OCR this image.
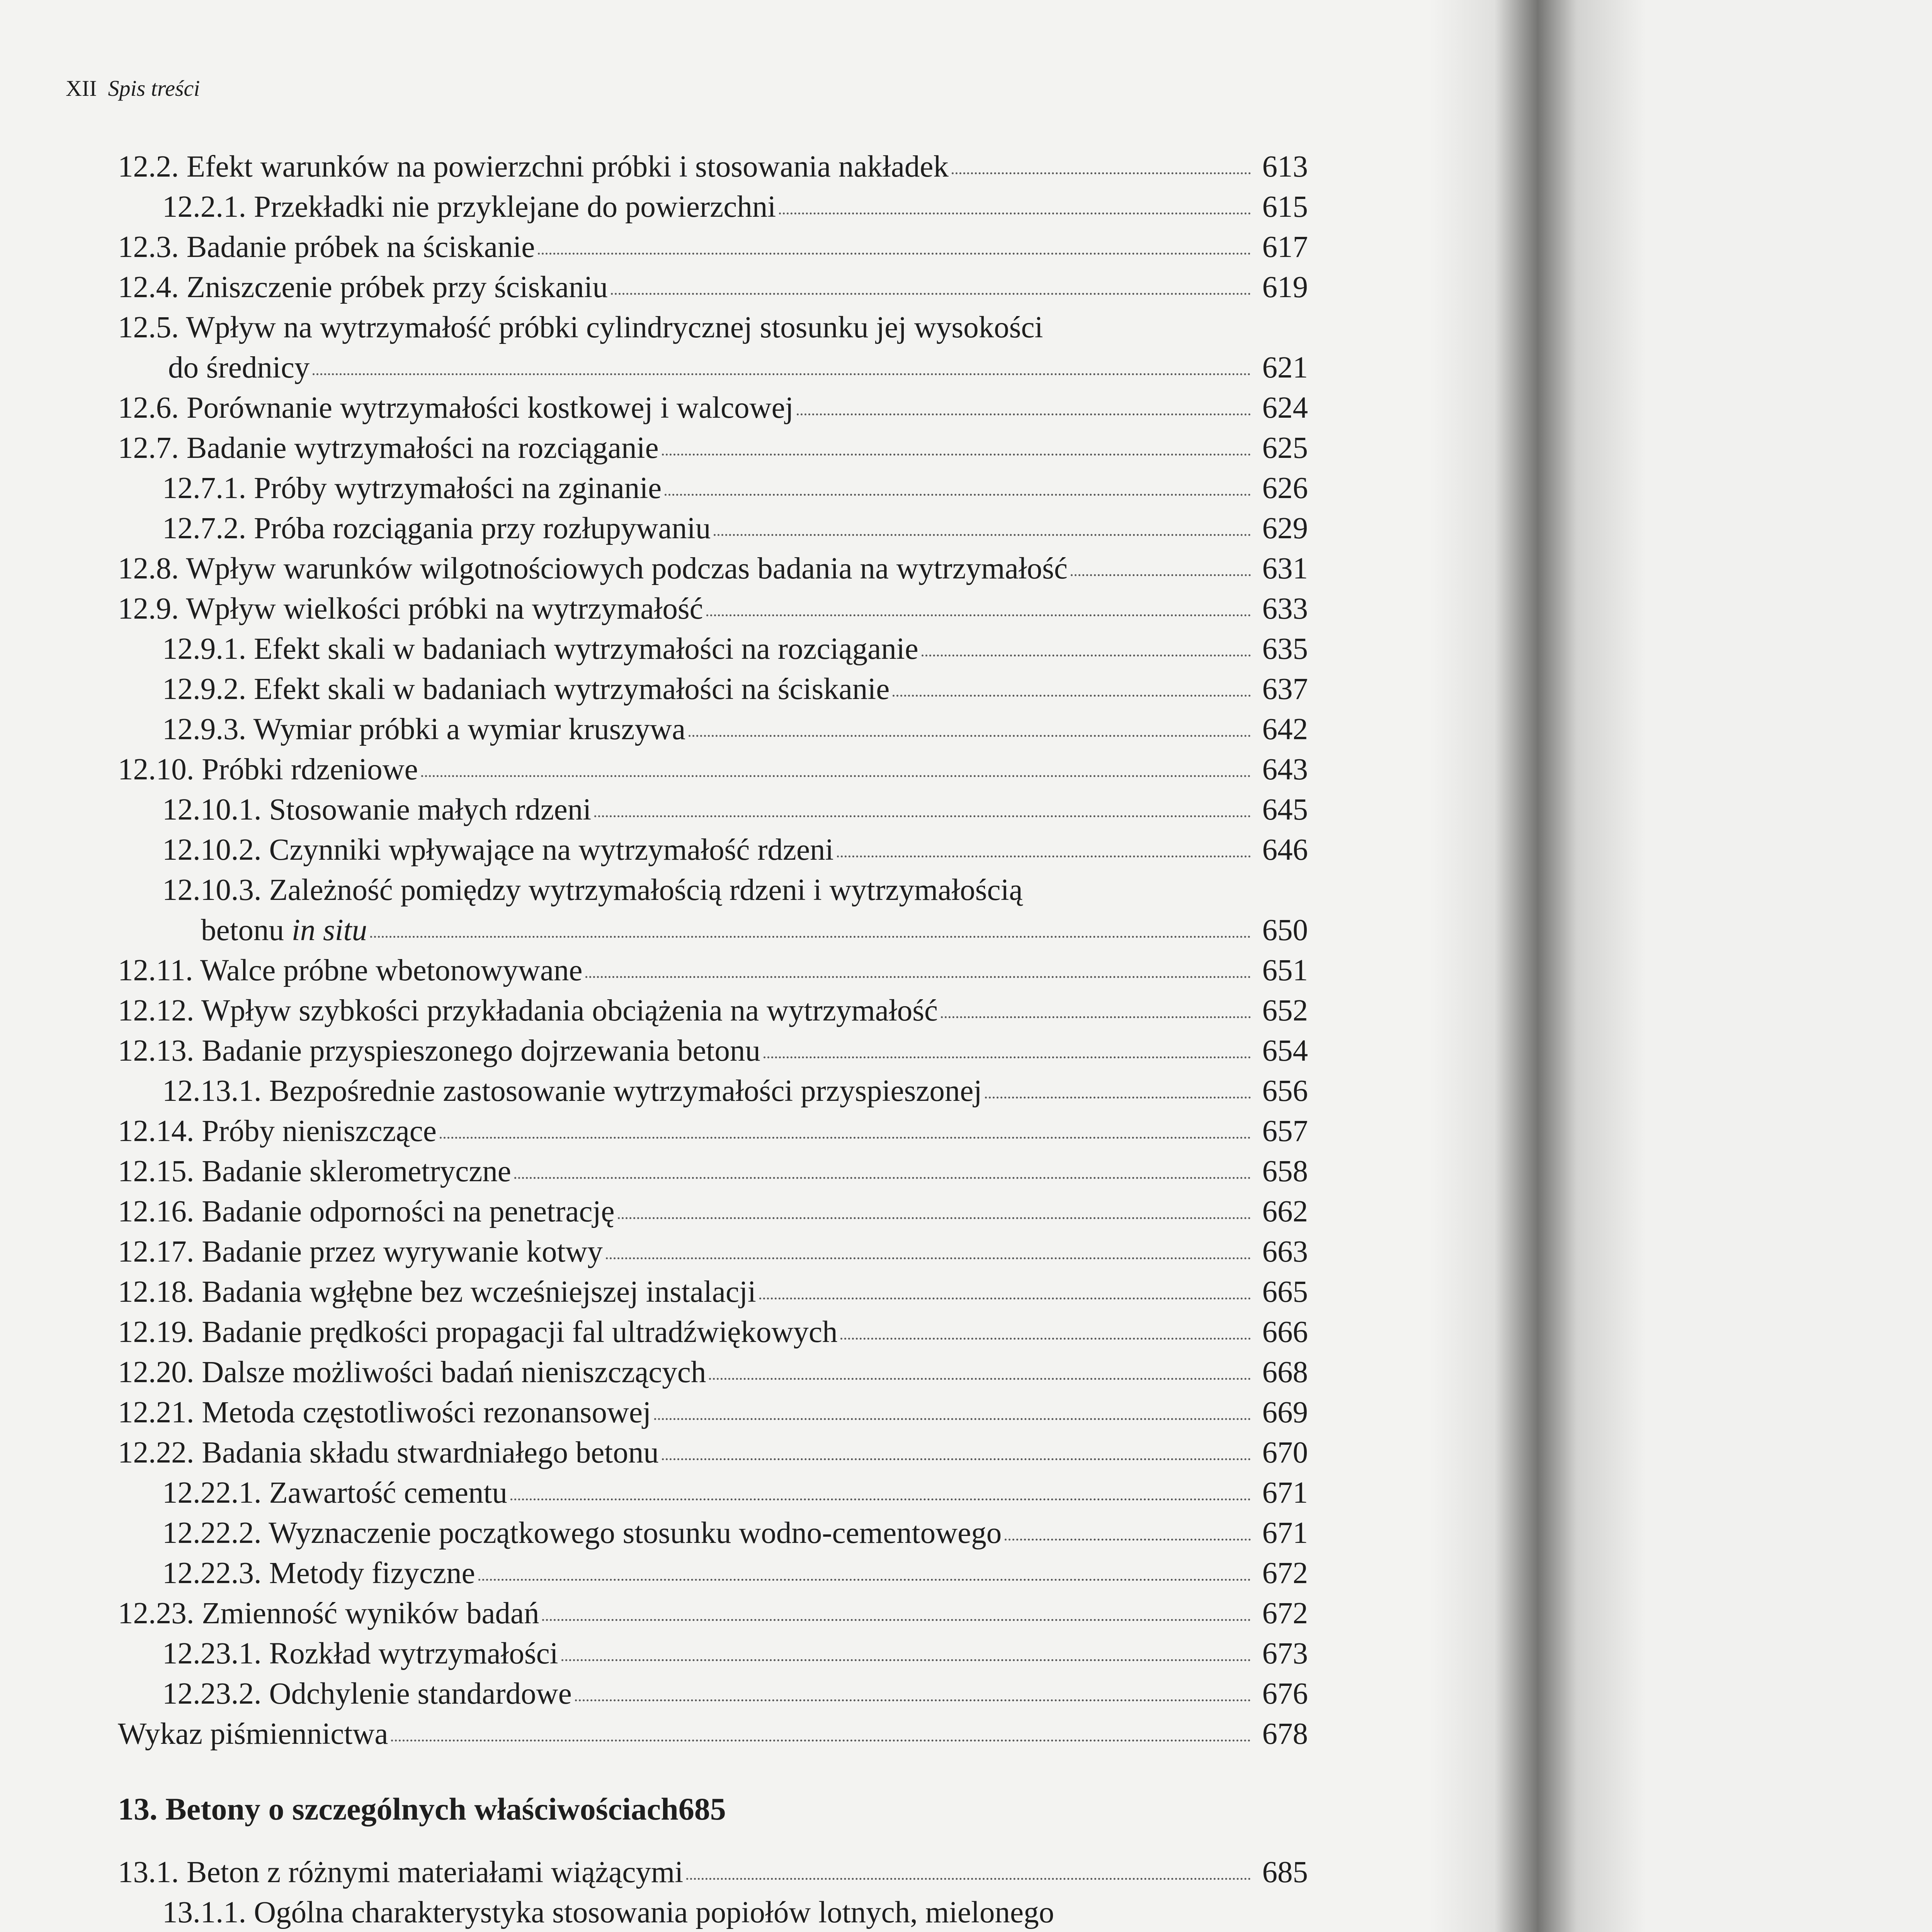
XII Spis treści
12.2. Efekt warunków na powierzchni próbki i stosowania nakładek	613
12.2.1. Przekładki nie przyklejane do powierzchni	615
12.3. Badanie próbek na ściskanie	617
12.4. Zniszczenie próbek przy ściskaniu	619
12.5. Wpływ na wytrzymałość próbki cylindrycznej stosunku jej wysokości
do średnicy	621
12.6. Porównanie wytrzymałości kostkowej i walcowej	624
12.7. Badanie wytrzymałości na rozciąganie	625
12.7.1. Próby wytrzymałości na zginanie	626
12.7.2. Próba rozciągania przy rozłupywaniu	629
12.8. Wpływ warunków wilgotnościowych podczas badania na wytrzymałość	631
12.9. Wpływ wielkości próbki na wytrzymałość	633
12.9.1. Efekt skali w badaniach wytrzymałości na rozciąganie	635
12.9.2. Efekt skali w badaniach wytrzymałości na ściskanie	637
12.9.3. Wymiar próbki a wymiar kruszywa	642
12.10. Próbki rdzeniowe	643
12.10.1. Stosowanie małych rdzeni	645
12.10.2. Czynniki wpływające na wytrzymałość rdzeni	646
12.10.3. Zależność pomiędzy wytrzymałością rdzeni i wytrzymałością
betonu in situ	650
12.11. Walce próbne wbetonowywane	651
12.12. Wpływ szybkości przykładania obciążenia na wytrzymałość	652
12.13. Badanie przyspieszonego dojrzewania betonu	654
12.13.1. Bezpośrednie zastosowanie wytrzymałości przyspieszonej	656
12.14. Próby nieniszczące	657
12.15. Badanie sklerometryczne	658
12.16. Badanie odporności na penetrację	662
12.17. Badanie przez wyrywanie kotwy	663
12.18. Badania wgłębne bez wcześniejszej instalacji	665
12.19. Badanie prędkości propagacji fal ultradźwiękowych	666
12.20. Dalsze możliwości badań nieniszczących	668
12.21. Metoda częstotliwości rezonansowej	669
12.22. Badania składu stwardniałego betonu	670
12.22.1. Zawartość cementu	671
12.22.2. Wyznaczenie początkowego stosunku wodno-cementowego	671
12.22.3. Metody fizyczne	672
12.23. Zmienność wyników badań	672
12.23.1. Rozkład wytrzymałości	673
12.23.2. Odchylenie standardowe	676
Wykaz piśmiennictwa	678
13. Betony o szczególnych właściwościach 685
13.1. Beton z różnymi materiałami wiążącymi	685
13.1.1. Ogólna charakterystyka stosowania popiołów lotnych, mielonego
